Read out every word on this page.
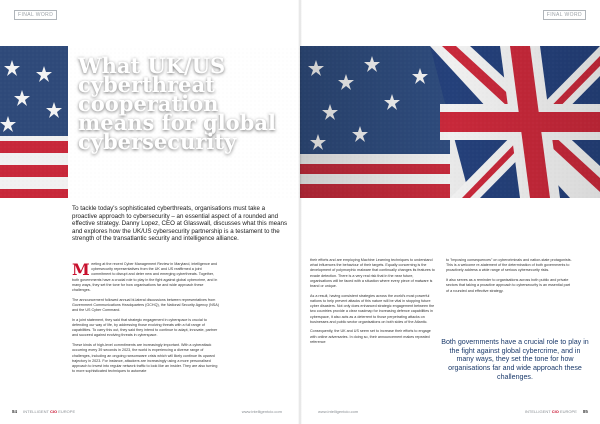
FINAL WORD
To tackle today's sophisticated cyberthreats, organisations must take a proactive approach to cybersecurity – an essential aspect of a rounded and effective strategy. Danny Lopez, CEO at Glasswall, discusses what this means and explores how the UK/US cybersecurity partnership is a testament to the strength of the transatlantic security and intelligence alliance.

Meeting at the recent Cyber Management Review in Maryland, intelligence and cybersecurity representatives from the UK and US reaffirmed a joint commitment to disrupt and deter new and emerging cyberthreats. Together, both governments have a crucial role to play in the fight against global cybercrime, and in many ways, they set the tone for how organisations far and wide approach these challenges.

The announcement followed annual bi-lateral discussions between representatives from Government Communications Headquarters (GCHQ), the National Security Agency (NSA) and the US Cyber Command.

In a joint statement, they said that strategic engagement in cyberspace is crucial to defending our way of life, by addressing those evolving threats with a full range of capabilities. To carry this out, they said they intend to continue to adapt, innovate, partner and succeed against evolving threats in cyberspace.

These kinds of high-level commitments are increasingly important. With a cyberattack occurring every 39 seconds in 2023, the world is experiencing a diverse range of challenges, including an ongoing ransomware crisis which will likely continue its upward trajectory in 2023. For instance, attackers are increasingly using a more personalised approach to invest into regular network traffic to look like an insider. They are also turning to more sophisticated techniques to automate

84 INTELLIGENT CIO EUROPE	www.intelligentcio.com
FINAL WORD

their efforts and are employing Machine Learning techniques to understand what influences the behaviour of their targets. Equally concerning is the development of polymorphic malware that continually changes its features to evade detection. There is a very real risk that in the near future, organisations will be faced with a situation where every piece of malware is brand or unique.

As a result, having consistent strategies across the world's most powerful nations to help prevent attacks of this nature will be vital in stopping future cyber disasters. Not only does enhanced strategic engagement between the two countries provide a clear roadmap for increasing defence capabilities in cyberspace, it also acts as a deterrent to those perpetrating attacks on businesses and public sector organisations on both sides of the Atlantic.

Consequently, the UK and US seem set to increase their efforts to engage with online adversaries. In doing so, their announcement makes repeated reference

to "imposing consequences" on cybercriminals and nation-state protagonists. This is a welcome re-statement of the determination of both governments to proactively address a wide range of serious cybersecurity risks.

It also serves as a reminder to organisations across both public and private sectors that taking a proactive approach to cybersecurity is an essential part of a rounded and effective strategy.

Both governments have a crucial role to play in the fight against global cybercrime, and in many ways, they set the tone for how organisations far and wide approach these challenges.
www.intelligentcio.com	INTELLIGENT CIO EUROPE 85
What UK/US cyberthreat cooperation means for global cybersecurity
